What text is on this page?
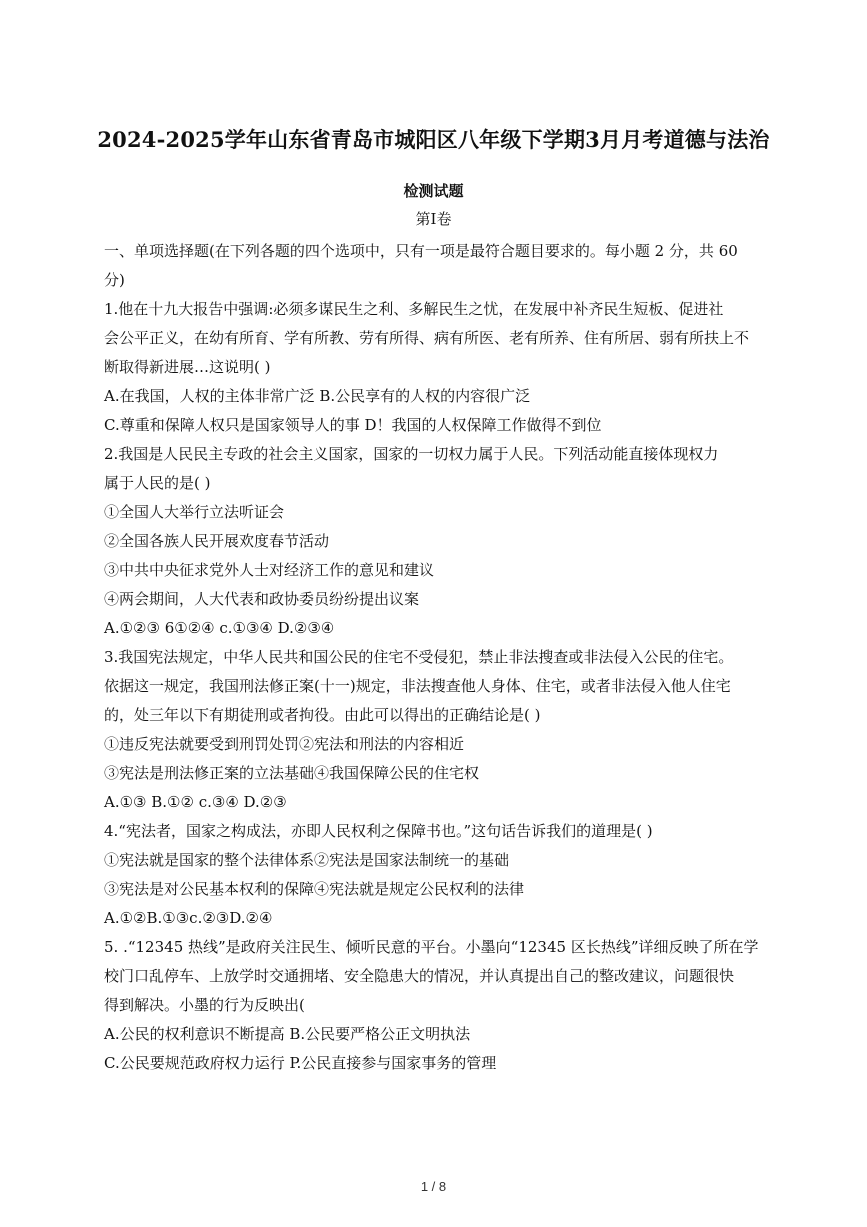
2024-2025学年山东省青岛市城阳区八年级下学期3月月考道德与法治
检测试题
第Ⅰ卷

一、单项选择题(在下列各题的四个选项中，只有一项是最符合题目要求的。每小题 2 分，共 60

分)

1.他在十九大报告中强调:必须多谋民生之利、多解民生之忧，在发展中补齐民生短板、促进社

会公平正义，在幼有所育、学有所教、劳有所得、病有所医、老有所养、住有所居、弱有所扶上不

断取得新进展…这说明( )

A.在我国，人权的主体非常广泛 B.公民享有的人权的内容很广泛

C.尊重和保障人权只是国家领导人的事 D！我国的人权保障工作做得不到位

2.我国是人民民主专政的社会主义国家，国家的一切权力属于人民。下列活动能直接体现权力

属于人民的是( )

①全国人大举行立法听证会

②全国各族人民开展欢度春节活动

③中共中央征求党外人士对经济工作的意见和建议

④两会期间，人大代表和政协委员纷纷提出议案

A.①②③ 6①②④ c.①③④ D.②③④

3.我国宪法规定，中华人民共和国公民的住宅不受侵犯，禁止非法搜查或非法侵入公民的住宅。

依据这一规定，我国刑法修正案(十一)规定，非法搜查他人身体、住宅，或者非法侵入他人住宅

的，处三年以下有期徒刑或者拘役。由此可以得出的正确结论是( )

①违反宪法就要受到刑罚处罚②宪法和刑法的内容相近

③宪法是刑法修正案的立法基础④我国保障公民的住宅权

A.①③ B.①② c.③④ D.②③

4.“宪法者，国家之构成法，亦即人民权利之保障书也。”这句话告诉我们的道理是( )

①宪法就是国家的整个法律体系②宪法是国家法制统一的基础

③宪法是对公民基本权利的保障④宪法就是规定公民权利的法律

A.①②B.①③c.②③D.②④

5. .“12345 热线”是政府关注民生、倾听民意的平台。小墨向“12345 区长热线”详细反映了所在学

校门口乱停车、上放学时交通拥堵、安全隐患大的情况，并认真提出自己的整改建议，问题很快

得到解决。小墨的行为反映出(

A.公民的权利意识不断提高 B.公民要严格公正文明执法

C.公民要规范政府权力运行 P.公民直接参与国家事务的管理

1 / 8
